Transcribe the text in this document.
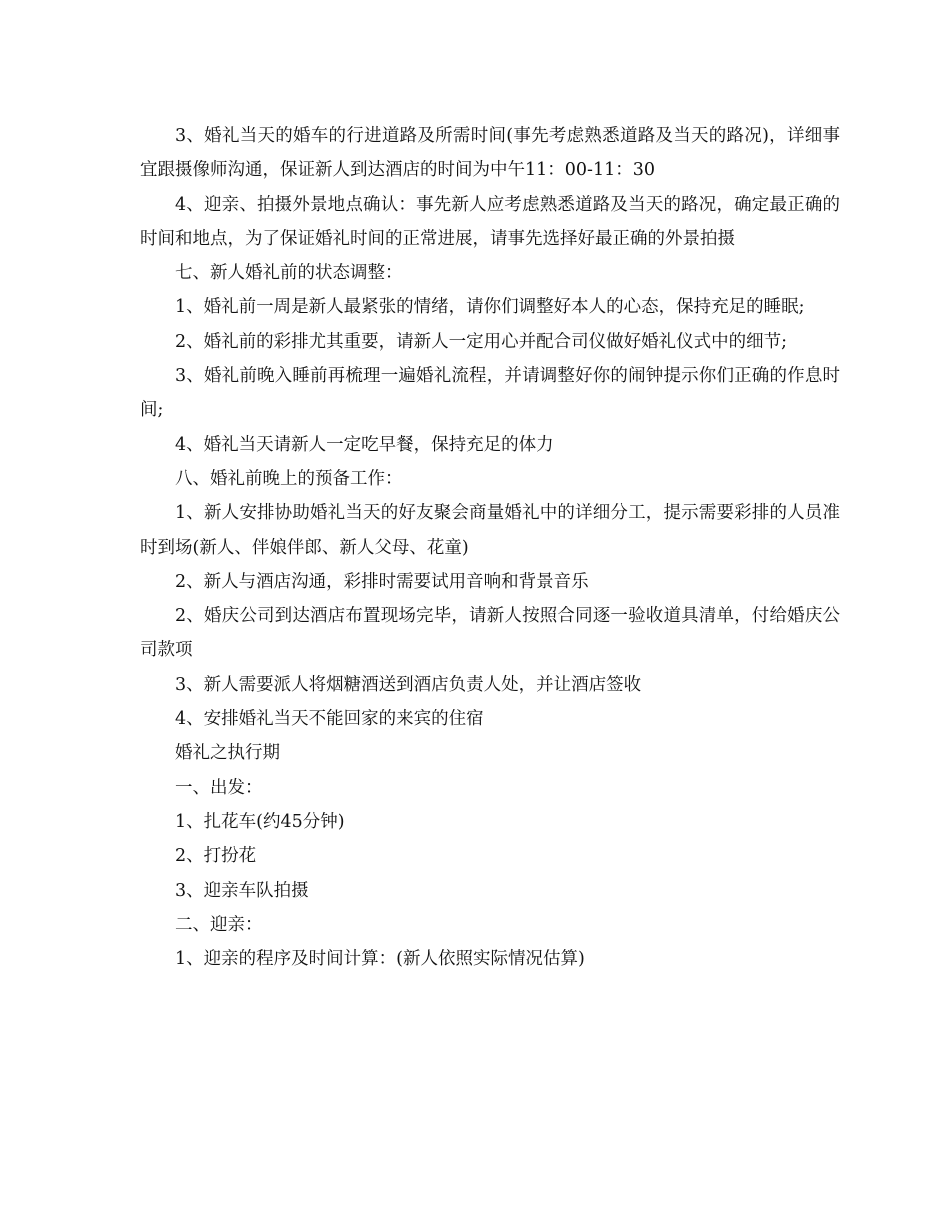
3、婚礼当天的婚车的行进道路及所需时间(事先考虑熟悉道路及当天的路况)，详细事宜跟摄像师沟通，保证新人到达酒店的时间为中午11：00-11：30

4、迎亲、拍摄外景地点确认：事先新人应考虑熟悉道路及当天的路况，确定最正确的时间和地点，为了保证婚礼时间的正常进展，请事先选择好最正确的外景拍摄

七、新人婚礼前的状态调整：

1、婚礼前一周是新人最紧张的情绪，请你们调整好本人的心态，保持充足的睡眠;

2、婚礼前的彩排尤其重要，请新人一定用心并配合司仪做好婚礼仪式中的细节;

3、婚礼前晚入睡前再梳理一遍婚礼流程，并请调整好你的闹钟提示你们正确的作息时间;

4、婚礼当天请新人一定吃早餐，保持充足的体力

八、婚礼前晚上的预备工作：

1、新人安排协助婚礼当天的好友聚会商量婚礼中的详细分工，提示需要彩排的人员准时到场(新人、伴娘伴郎、新人父母、花童)

2、新人与酒店沟通，彩排时需要试用音响和背景音乐

2、婚庆公司到达酒店布置现场完毕，请新人按照合同逐一验收道具清单，付给婚庆公司款项

3、新人需要派人将烟糖酒送到酒店负责人处，并让酒店签收

4、安排婚礼当天不能回家的来宾的住宿

婚礼之执行期

一、出发：

1、扎花车(约45分钟)

2、打扮花

3、迎亲车队拍摄

二、迎亲：

1、迎亲的程序及时间计算：(新人依照实际情况估算)
